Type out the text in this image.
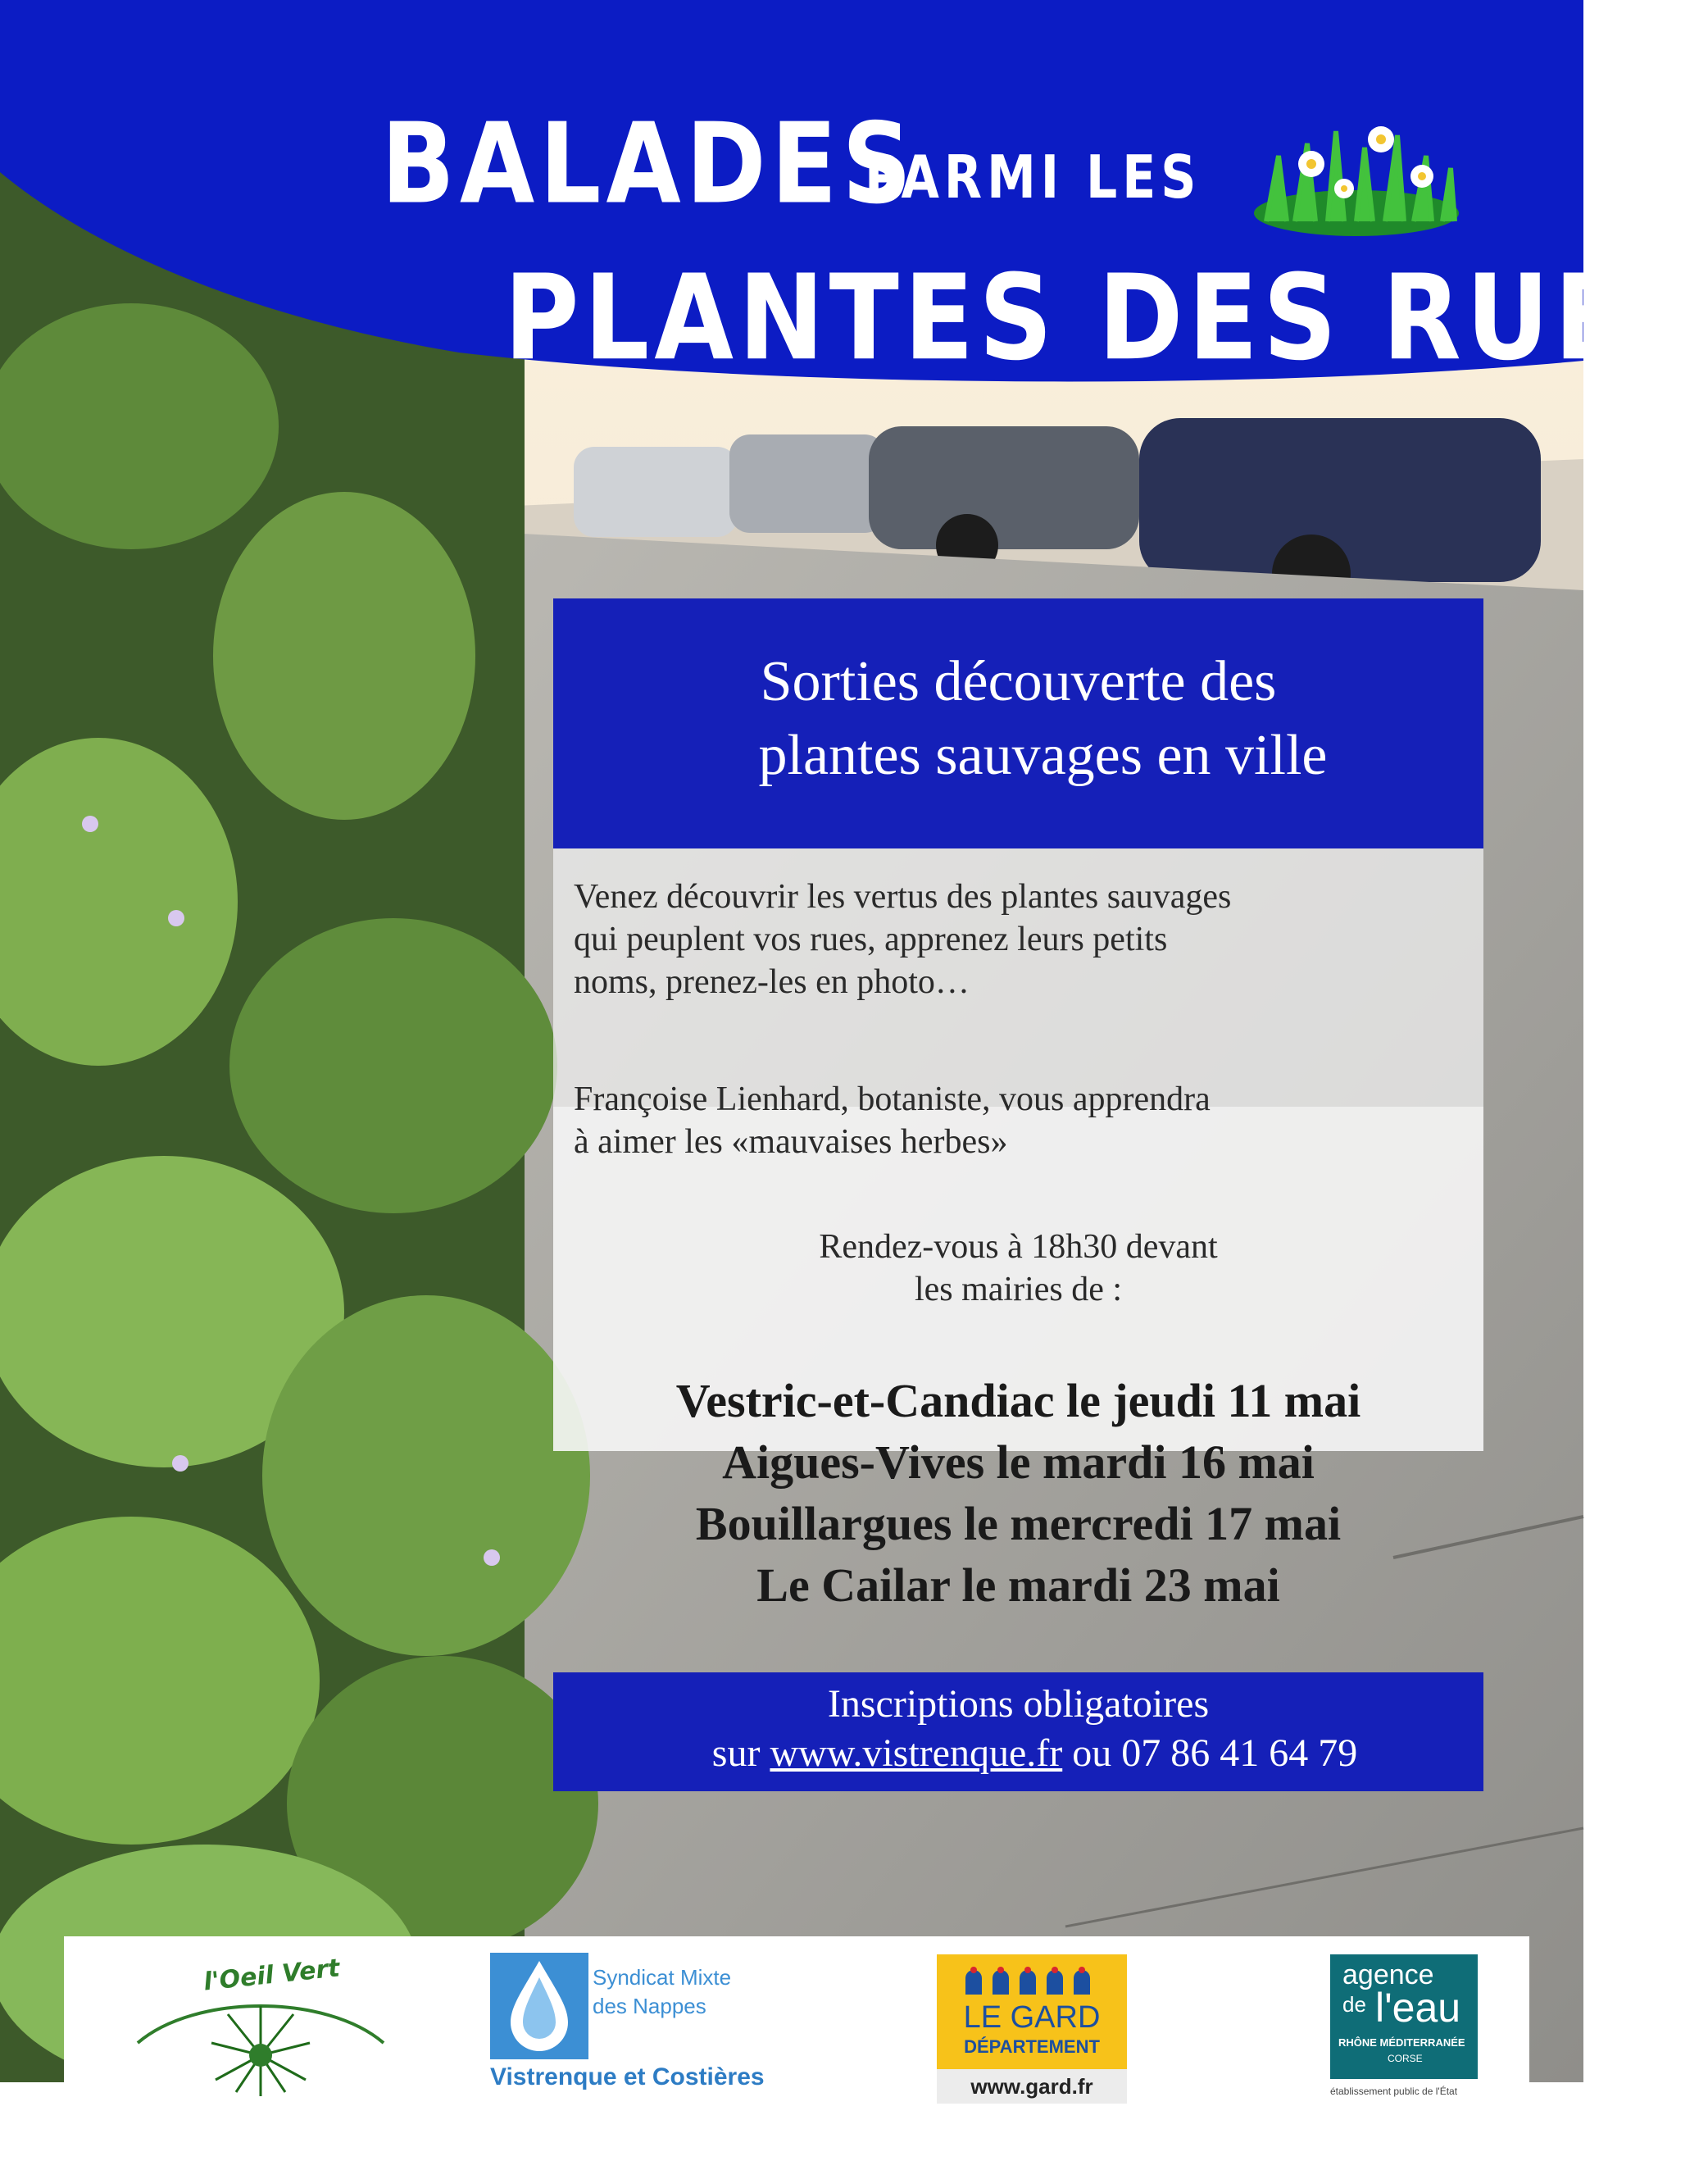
BALADES
PARMI LES
PLANTES DES RUES
Sorties découverte des
plantes sauvages en ville
Venez découvrir les vertus des plantes sauvages
qui peuplent vos rues, apprenez leurs petits
noms, prenez-les en photo…
Françoise Lienhard, botaniste, vous apprendra
à aimer les «mauvaises herbes»
Rendez-vous à 18h30 devant
les mairies de :
Vestric-et-Candiac le jeudi 11 mai
Aigues-Vives le mardi 16 mai
Bouillargues le mercredi 17 mai
Le Cailar le mardi 23 mai
Inscriptions obligatoires
sur www.vistrenque.fr ou 07 86 41 64 79
l'Oeil Vert	Syndicat Mixte
des Nappes
Vistrenque et Costières
LE GARD
DÉPARTEMENT
www.gard.fr
agence
de l'eau
RHÔNE MÉDITERRANÉE
CORSE
établissement public de l'État
